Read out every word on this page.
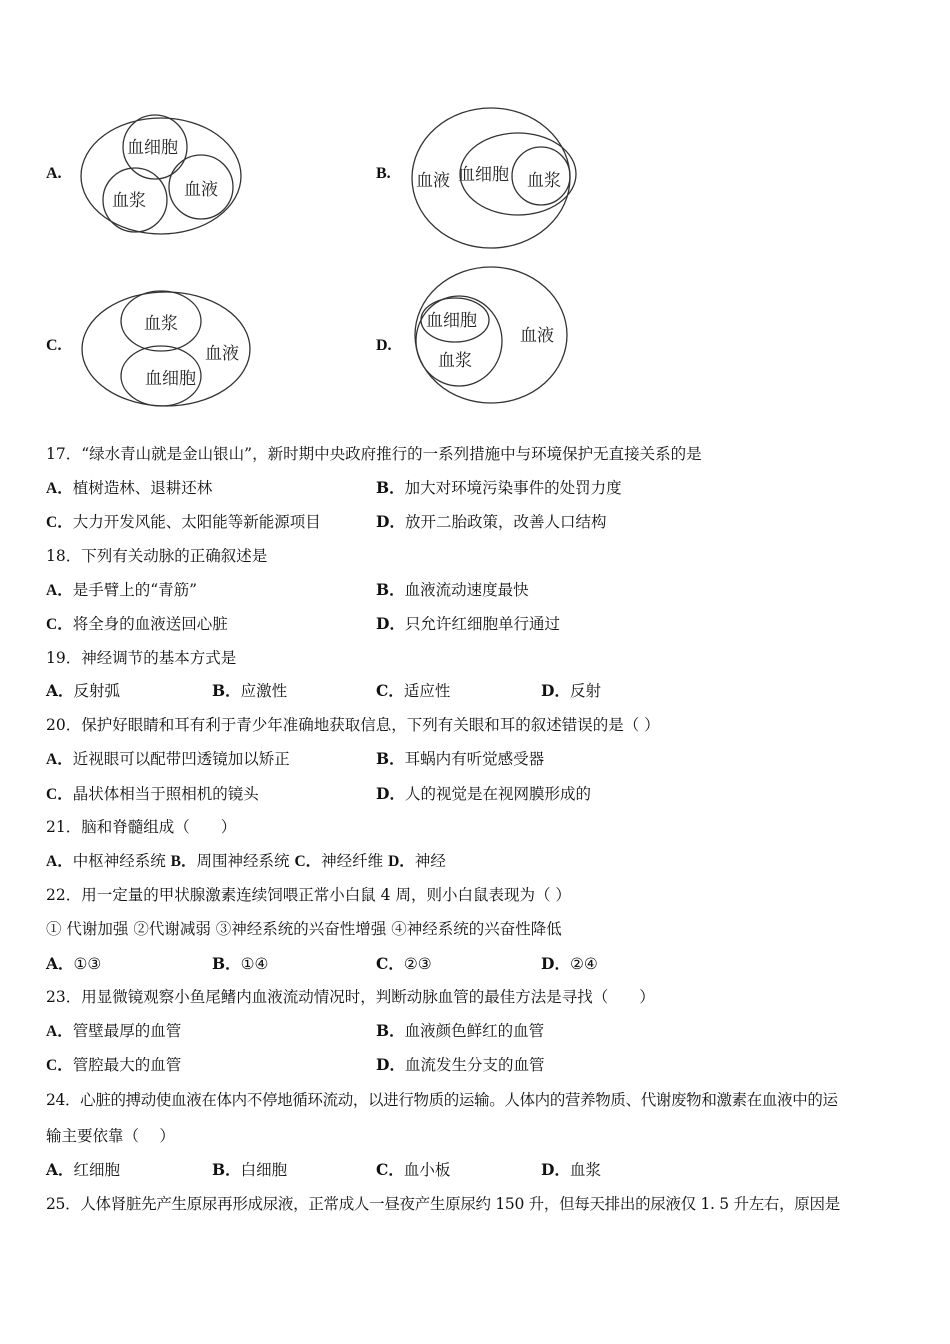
A.
血细胞
血液
血浆
B. 血液 血细胞 血浆
C.
血浆
血液
血细胞
D.
血细胞
血液
血浆
17．“绿水青山就是金山银山”，新时期中央政府推行的一系列措施中与环境保护无直接关系的是
A．植树造林、退耕还林	B．加大对环境污染事件的处罚力度
C．大力开发风能、太阳能等新能源项目	D．放开二胎政策，改善人口结构
18．下列有关动脉的正确叙述是
A．是手臂上的“青筋”	B．血液流动速度最快
C．将全身的血液送回心脏	D．只允许红细胞单行通过
19．神经调节的基本方式是
A．反射弧	B．应激性	C．适应性	D．反射
20．保护好眼睛和耳有利于青少年准确地获取信息，下列有关眼和耳的叙述错误的是（ ）
A．近视眼可以配带凹透镜加以矫正	B．耳蜗内有听觉感受器
C．晶状体相当于照相机的镜头	D．人的视觉是在视网膜形成的
21．脑和脊髓组成（　　）
A．中枢神经系统 B．周围神经系统 C．神经纤维 D．神经
22．用一定量的甲状腺激素连续饲喂正常小白鼠 4 周，则小白鼠表现为（ ）
① 代谢加强 ②代谢减弱 ③神经系统的兴奋性增强 ④神经系统的兴奋性降低
A．①③	B．①④	C．②③	D．②④
23．用显微镜观察小鱼尾鳍内血液流动情况时，判断动脉血管的最佳方法是寻找（　　）
A．管壁最厚的血管	B．血液颜色鲜红的血管
C．管腔最大的血管	D．血流发生分支的血管
24．心脏的搏动使血液在体内不停地循环流动，以进行物质的运输。人体内的营养物质、代谢废物和激素在血液中的运
输主要依靠（　 ）
A．红细胞	B．白细胞	C．血小板	D．血浆
25．人体肾脏先产生原尿再形成尿液，正常成人一昼夜产生原尿约 150 升，但每天排出的尿液仅 1. 5 升左右，原因是
